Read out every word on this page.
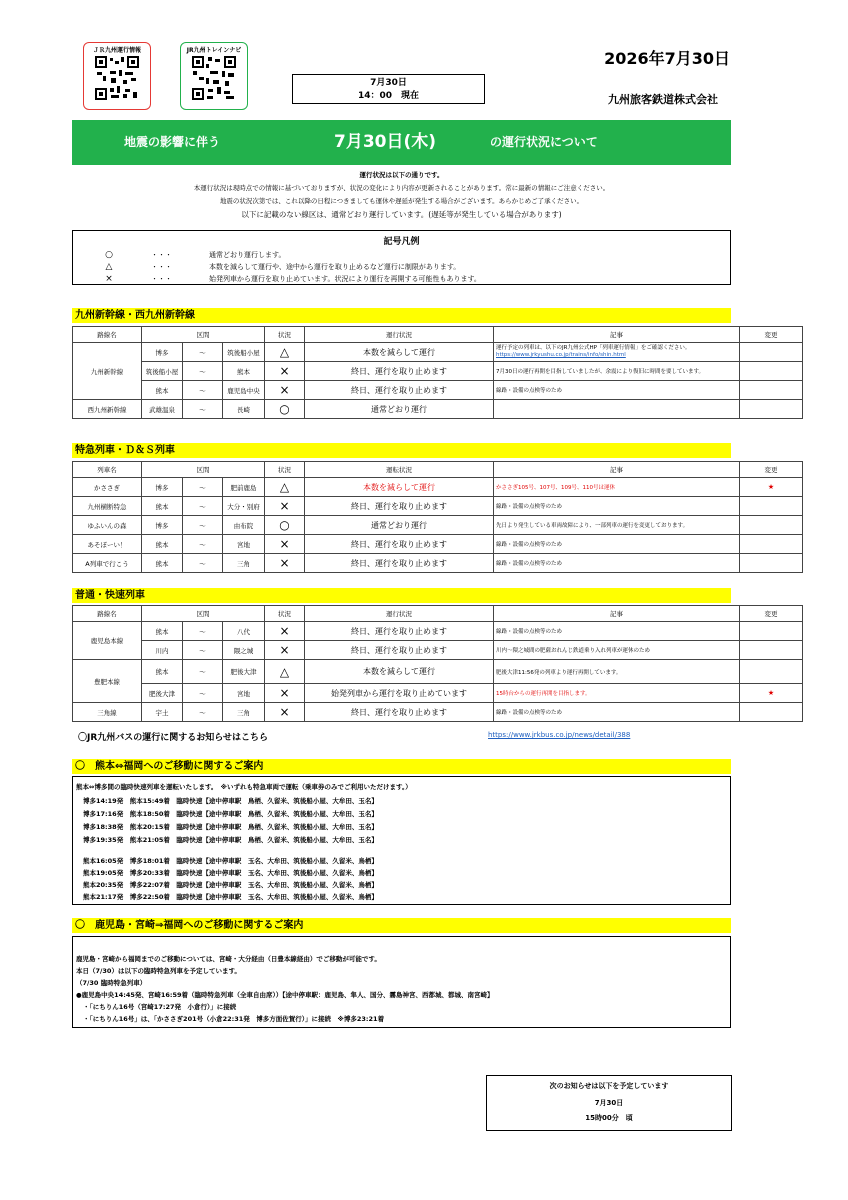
ＪＲ九州運行情報	JR九州トレインナビ	2026年7月30日
7月30日
14：00　現在	九州旅客鉄道株式会社
地震の影響に伴う	7月30日(木)	の運行状況について
運行状況は以下の通りです。
本運行状況は現時点での情報に基づいておりますが、状況の変化により内容が更新されることがあります。常に最新の情報にご注意ください。
地震の状況次第では、これ以降の日程につきましても運休や遅延が発生する場合がございます。あらかじめご了承ください。
以下に記載のない線区は、通常どおり運行しています。(遅延等が発生している場合があります)
記号凡例
○	・・・	通常どおり運行します。
△	・・・	本数を減らして運行や、途中から運行を取り止めるなど運行に制限があります。
×	・・・	始発列車から運行を取り止めています。状況により運行を再開する可能性もあります。
九州新幹線・西九州新幹線
路線名	区間			状況	運行状況	記事	変更
九州新幹線	博多	～	筑後船小屋	△	本数を減らして運行	運行予定の列車は、以下のJR九州公式HP「列車運行情報」をご確認ください。
https://www.jrkyushu.co.jp/trains/info/shin.html	

	筑後船小屋	～	熊本	×	終日、運行を取り止めます	7月30日の運行再開を目指していましたが、余震により復旧に時間を要しています。	
	熊本	～	鹿児島中央	×	終日、運行を取り止めます	線路・設備の点検等のため	
西九州新幹線	武雄温泉	～	長崎	○	通常どおり運行		
特急列車・Ｄ＆Ｓ列車
列車名	区間			状況	運転状況	記事	変更
かささぎ	博多	～	肥前鹿島	△	本数を減らして運行	かささぎ105号、107号、109号、110号は運休	★
九州横断特急	熊本	～	大分・別府	×	終日、運行を取り止めます	線路・設備の点検等のため	
ゆふいんの森	博多	～	由布院	○	通常どおり運行	先日より発生している車両故障により、一部列車の運行を変更しております。	
あそぼーい！	熊本	～	宮地	×	終日、運行を取り止めます	線路・設備の点検等のため	
A列車で行こう	熊本	～	三角	×	終日、運行を取り止めます	線路・設備の点検等のため	
普通・快速列車
路線名	区間			状況	運行状況	記事	変更
鹿児島本線	熊本	～	八代	×	終日、運行を取り止めます	線路・設備の点検等のため	
	川内	～	隈之城	×	終日、運行を取り止めます	川内～隈之城間の肥薩おれんじ鉄道乗り入れ列車が運休のため	
豊肥本線	熊本	～	肥後大津	△	本数を減らして運行	肥後大津11:56発の列車より運行再開しています。	
	肥後大津	～	宮地	×	始発列車から運行を取り止めています	15時台からの運行再開を目指します。	★
三角線	宇土	～	三角	×	終日、運行を取り止めます	線路・設備の点検等のため	
〇JR九州バスの運行に関するお知らせはこちら	https://www.jrkbus.co.jp/news/detail/388
〇　熊本⇔福岡へのご移動に関するご案内
熊本⇔博多間の臨時快速列車を運転いたします。　※いずれも特急車両で運転（乗車券のみでご利用いただけます。）
博多14:19発　熊本15:49着　臨時快速【途中停車駅　鳥栖、久留米、筑後船小屋、大牟田、玉名】
博多17:16発　熊本18:50着　臨時快速【途中停車駅　鳥栖、久留米、筑後船小屋、大牟田、玉名】
博多18:38発　熊本20:15着　臨時快速【途中停車駅　鳥栖、久留米、筑後船小屋、大牟田、玉名】
博多19:35発　熊本21:05着　臨時快速【途中停車駅　鳥栖、久留米、筑後船小屋、大牟田、玉名】
熊本16:05発　博多18:01着　臨時快速【途中停車駅　玉名、大牟田、筑後船小屋、久留米、鳥栖】
熊本19:05発　博多20:33着　臨時快速【途中停車駅　玉名、大牟田、筑後船小屋、久留米、鳥栖】
熊本20:35発　博多22:07着　臨時快速【途中停車駅　玉名、大牟田、筑後船小屋、久留米、鳥栖】
熊本21:17発　博多22:50着　臨時快速【途中停車駅　玉名、大牟田、筑後船小屋、久留米、鳥栖】
〇　鹿児島・宮崎⇒福岡へのご移動に関するご案内
鹿児島・宮崎から福岡までのご移動については、宮崎・大分経由（日豊本線経由）でご移動が可能です。
本日（7/30）は以下の臨時特急列車を予定しています。
（7/30 臨時特急列車）
●鹿児島中央14:45発、宮崎16:59着（臨時特急列車（全車自由席））【途中停車駅：鹿児島、隼人、国分、霧島神宮、西都城、都城、南宮崎】
・「にちりん16号（宮崎17:27発　小倉行）」に接続
・「にちりん16号」は、「かささぎ201号（小倉22:31発　博多方面佐賀行）」に接続　※博多23:21着
次のお知らせは以下を予定しています
7月30日
15時00分　頃
